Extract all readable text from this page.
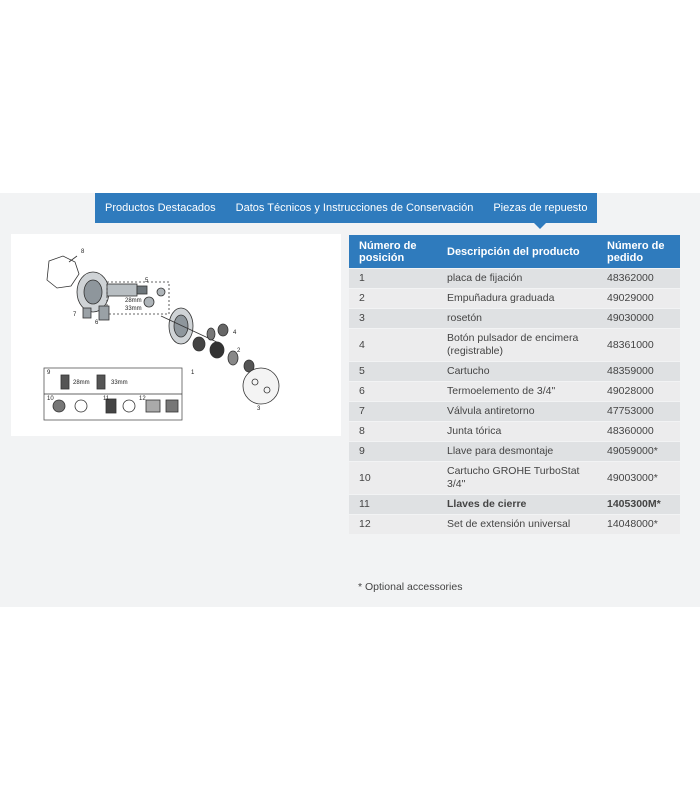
Productos Destacados	Datos Técnicos y Instrucciones de Conservación	Piezas de repuesto
8
5
7
6
1
4
2
3
9
10	11	12
28mm	33mm
28mm
33mm
Número de posición	Descripción del producto	Número de pedido
1	placa de fijación	48362000
2	Empuñadura graduada	49029000
3	rosetón	49030000
4	Botón pulsador de encimera (registrable)	48361000
5	Cartucho	48359000
6	Termoelemento de 3/4"	49028000
7	Válvula antiretorno	47753000
8	Junta tórica	48360000
9	Llave para desmontaje	49059000*
10	Cartucho GROHE TurboStat 3/4"	49003000*
11	Llaves de cierre	1405300M*
12	Set de extensión universal	14048000*
* Optional accessories
